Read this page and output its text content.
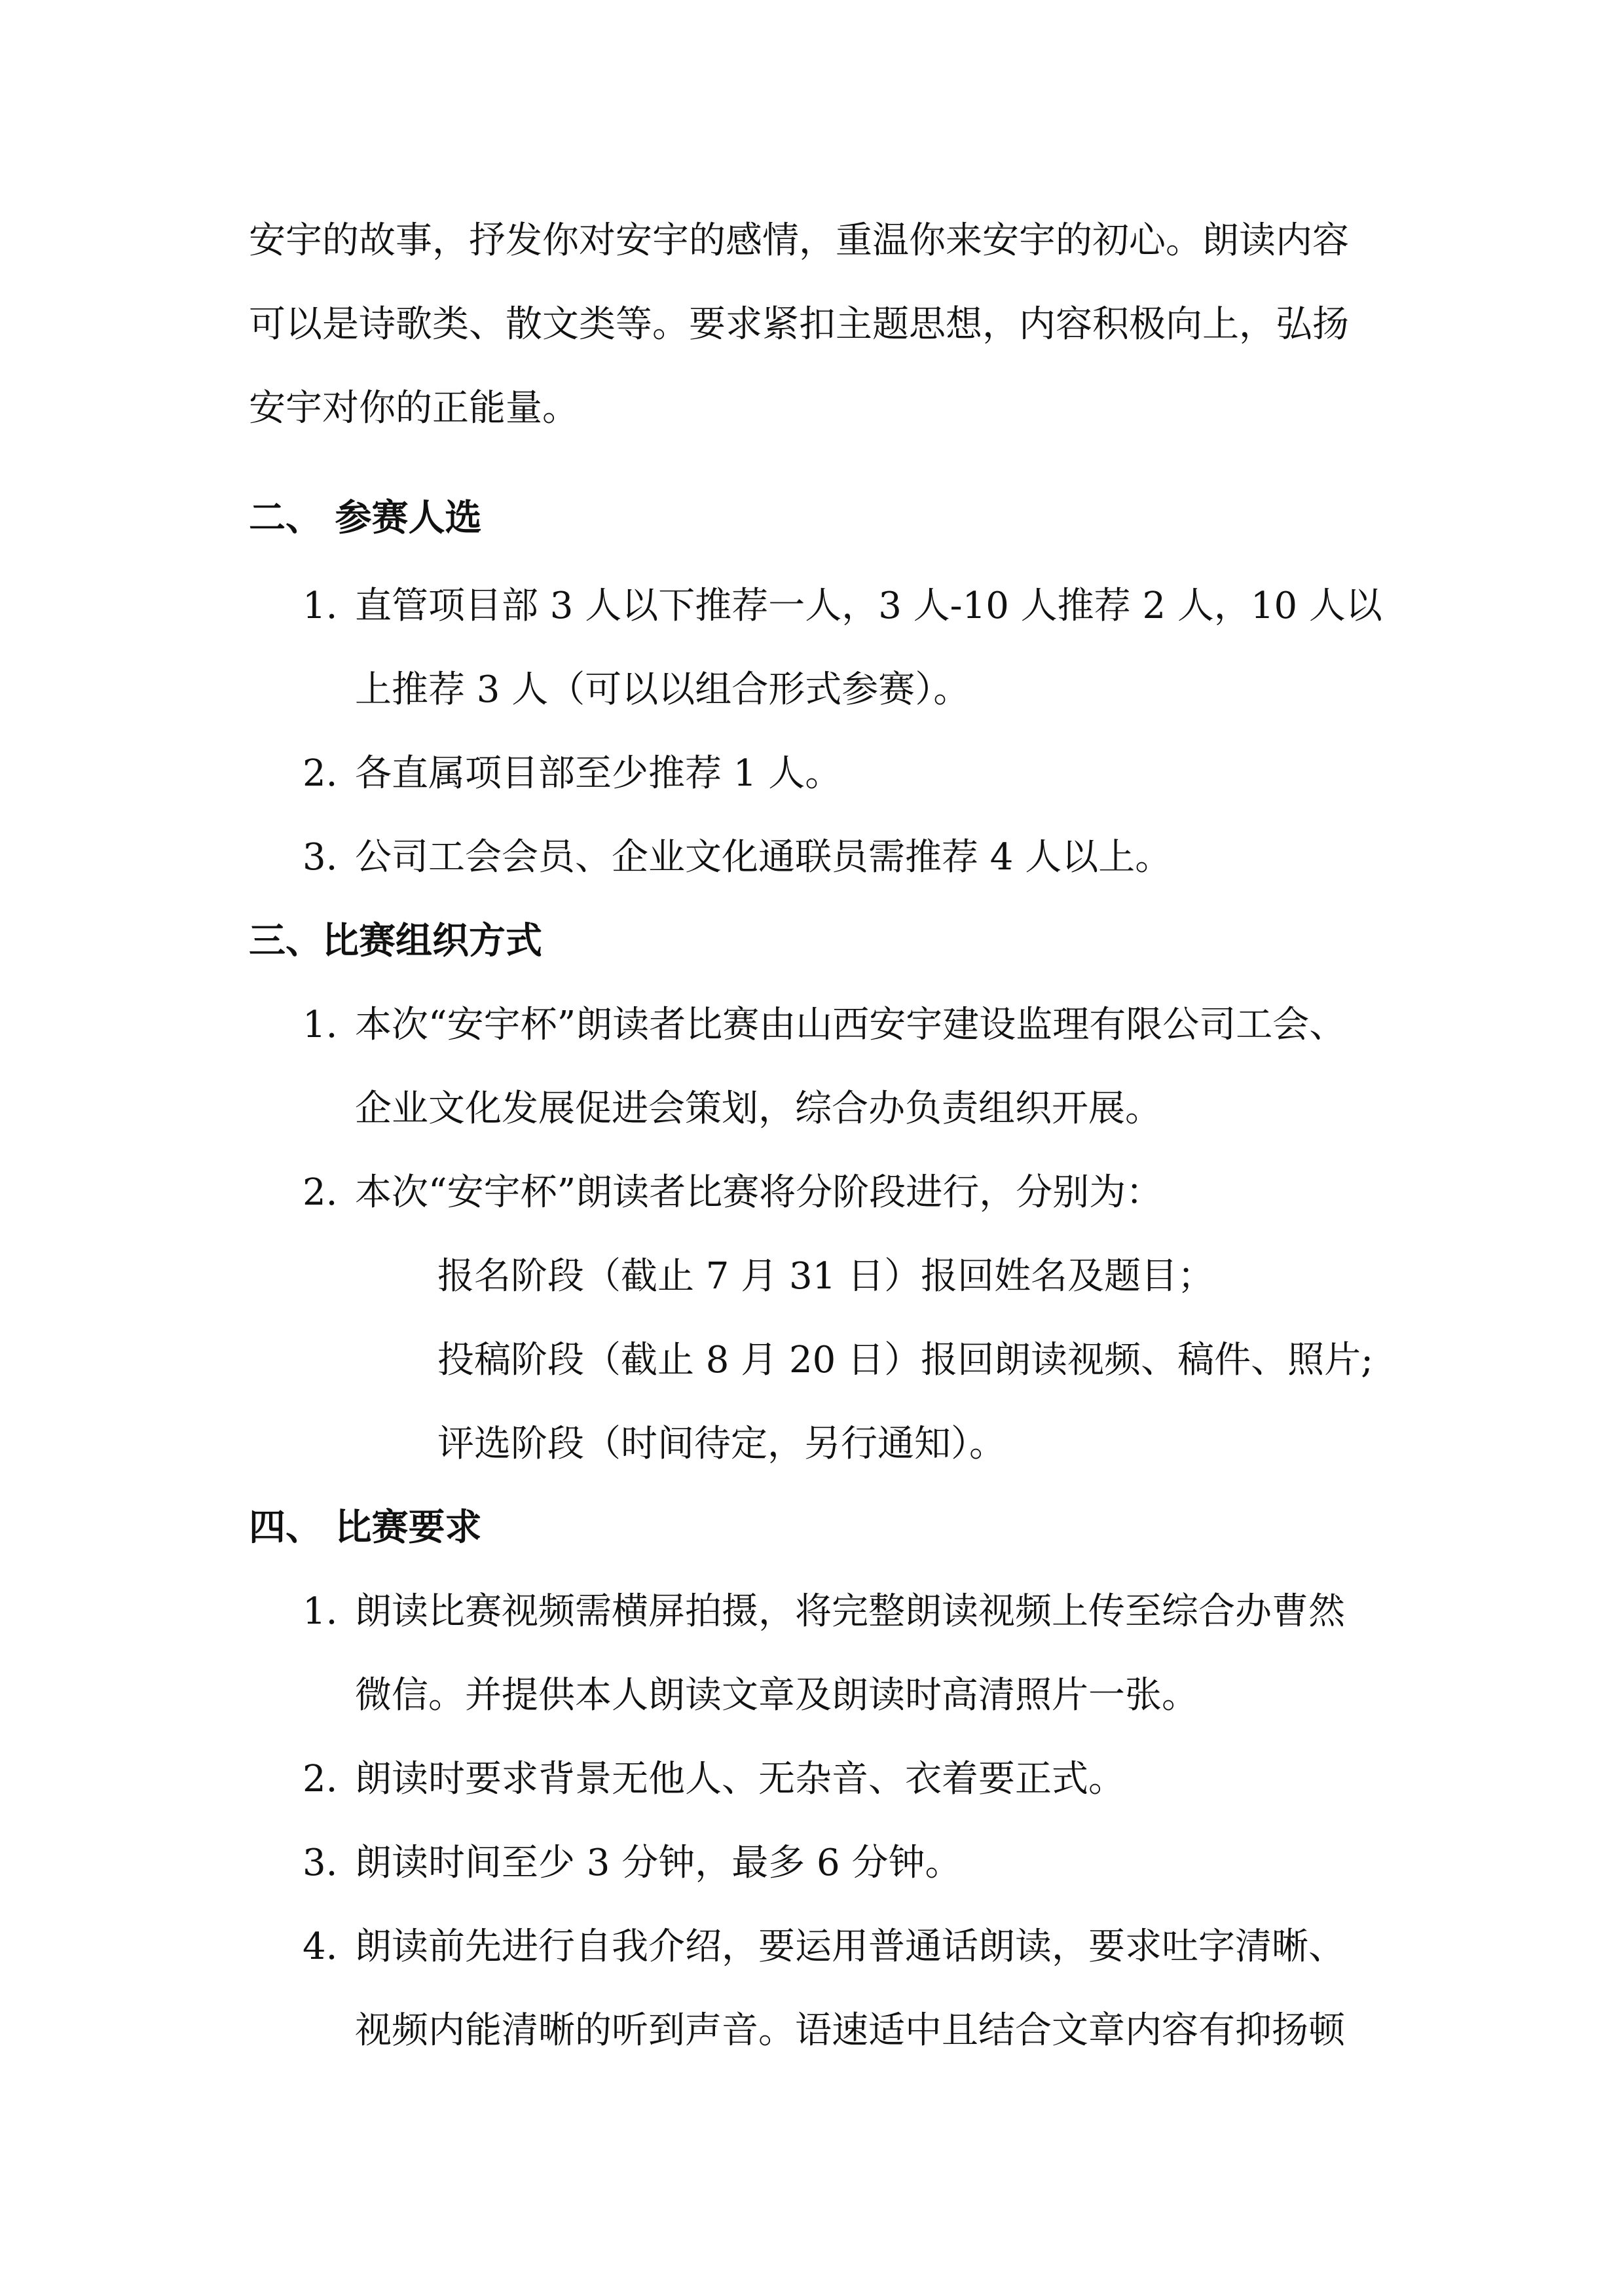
安宇的故事，抒发你对安宇的感情，重温你来安宇的初心。朗读内容
可以是诗歌类、散文类等。要求紧扣主题思想，内容积极向上，弘扬
安宇对你的正能量。
二、 参赛人选
1. 直管项目部 3 人以下推荐一人，3 人-10 人推荐 2 人，10 人以
上推荐 3 人（可以以组合形式参赛）。
2. 各直属项目部至少推荐 1 人。
3. 公司工会会员、企业文化通联员需推荐 4 人以上。
三、比赛组织方式
1. 本次“安宇杯”朗读者比赛由山西安宇建设监理有限公司工会、
企业文化发展促进会策划，综合办负责组织开展。
2. 本次“安宇杯”朗读者比赛将分阶段进行，分别为：
报名阶段（截止 7 月 31 日）报回姓名及题目；
投稿阶段（截止 8 月 20 日）报回朗读视频、稿件、照片;
评选阶段（时间待定，另行通知）。
四、 比赛要求
1. 朗读比赛视频需横屏拍摄，将完整朗读视频上传至综合办曹然
微信。并提供本人朗读文章及朗读时高清照片一张。
2. 朗读时要求背景无他人、无杂音、衣着要正式。
3. 朗读时间至少 3 分钟，最多 6 分钟。
4. 朗读前先进行自我介绍，要运用普通话朗读，要求吐字清晰、
视频内能清晰的听到声音。语速适中且结合文章内容有抑扬顿
